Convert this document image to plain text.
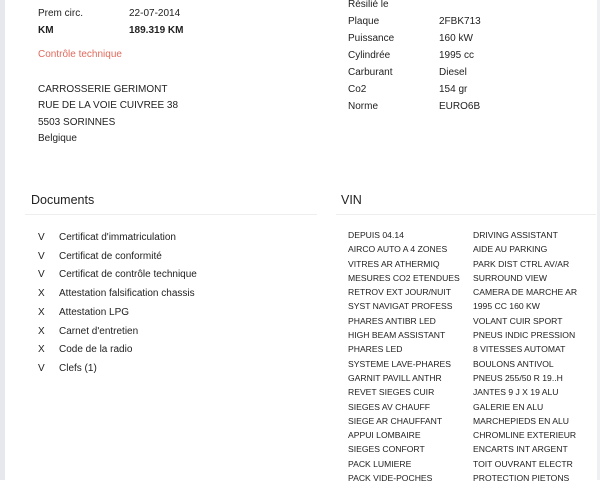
Prem circ.	22-07-2014
KM	189.319 KM
Contrôle technique
CARROSSERIE GERIMONT
RUE DE LA VOIE CUIVREE 38
5503 SORINNES
Belgique
Résilié le
Plaque	2FBK713
Puissance	160 kW
Cylindrée	1995 cc
Carburant	Diesel
Co2	154 gr
Norme	EURO6B
Documents	VIN
V Certificat d'immatriculation
V Certificat de conformité
V Certificat de contrôle technique
X Attestation falsification chassis
X Attestation LPG
X Carnet d'entretien
X Code de la radio
V Clefs (1)
DEPUIS 04.14
AIRCO AUTO A 4 ZONES
VITRES AR ATHERMIQ
MESURES CO2 ETENDUES
RETROV EXT JOUR/NUIT
SYST NAVIGAT PROFESS
PHARES ANTIBR LED
HIGH BEAM ASSISTANT
PHARES LED
SYSTEME LAVE-PHARES
GARNIT PAVILL ANTHR
REVET SIEGES CUIR
SIEGES AV CHAUFF
SIEGE AR CHAUFFANT
APPUI LOMBAIRE
SIEGES CONFORT
PACK LUMIERE
PACK VIDE-POCHES
DRIVING ASSISTANT
AIDE AU PARKING
PARK DIST CTRL AV/AR
SURROUND VIEW
CAMERA DE MARCHE AR
1995 CC 160 KW
VOLANT CUIR SPORT
PNEUS INDIC PRESSION
8 VITESSES AUTOMAT
BOULONS ANTIVOL
PNEUS 255/50 R 19..H
JANTES 9 J X 19 ALU
GALERIE EN ALU
MARCHEPIEDS EN ALU
CHROMLINE EXTERIEUR
ENCARTS INT ARGENT
TOIT OUVRANT ELECTR
PROTECTION PIETONS
